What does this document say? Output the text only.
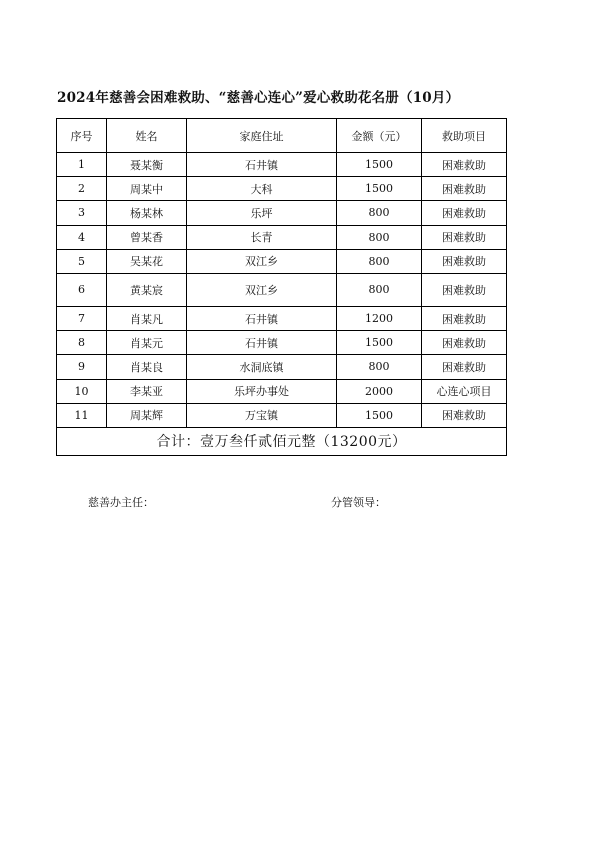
2024年慈善会困难救助、“慈善心连心”爱心救助花名册（10月）
序号	姓名	家庭住址	金额（元）	救助项目
1	聂某衡	石井镇	1500	困难救助
2	周某中	大科	1500	困难救助
3	杨某林	乐坪	800	困难救助
4	曾某香	长青	800	困难救助
5	吴某花	双江乡	800	困难救助
6	黄某宸	双江乡	800	困难救助
7	肖某凡	石井镇	1200	困难救助
8	肖某元	石井镇	1500	困难救助
9	肖某良	水洞底镇	800	困难救助
10	李某亚	乐坪办事处	2000	心连心项目
11	周某辉	万宝镇	1500	困难救助
合计：壹万叁仟贰佰元整（13200元）				
慈善办主任：	分管领导：
